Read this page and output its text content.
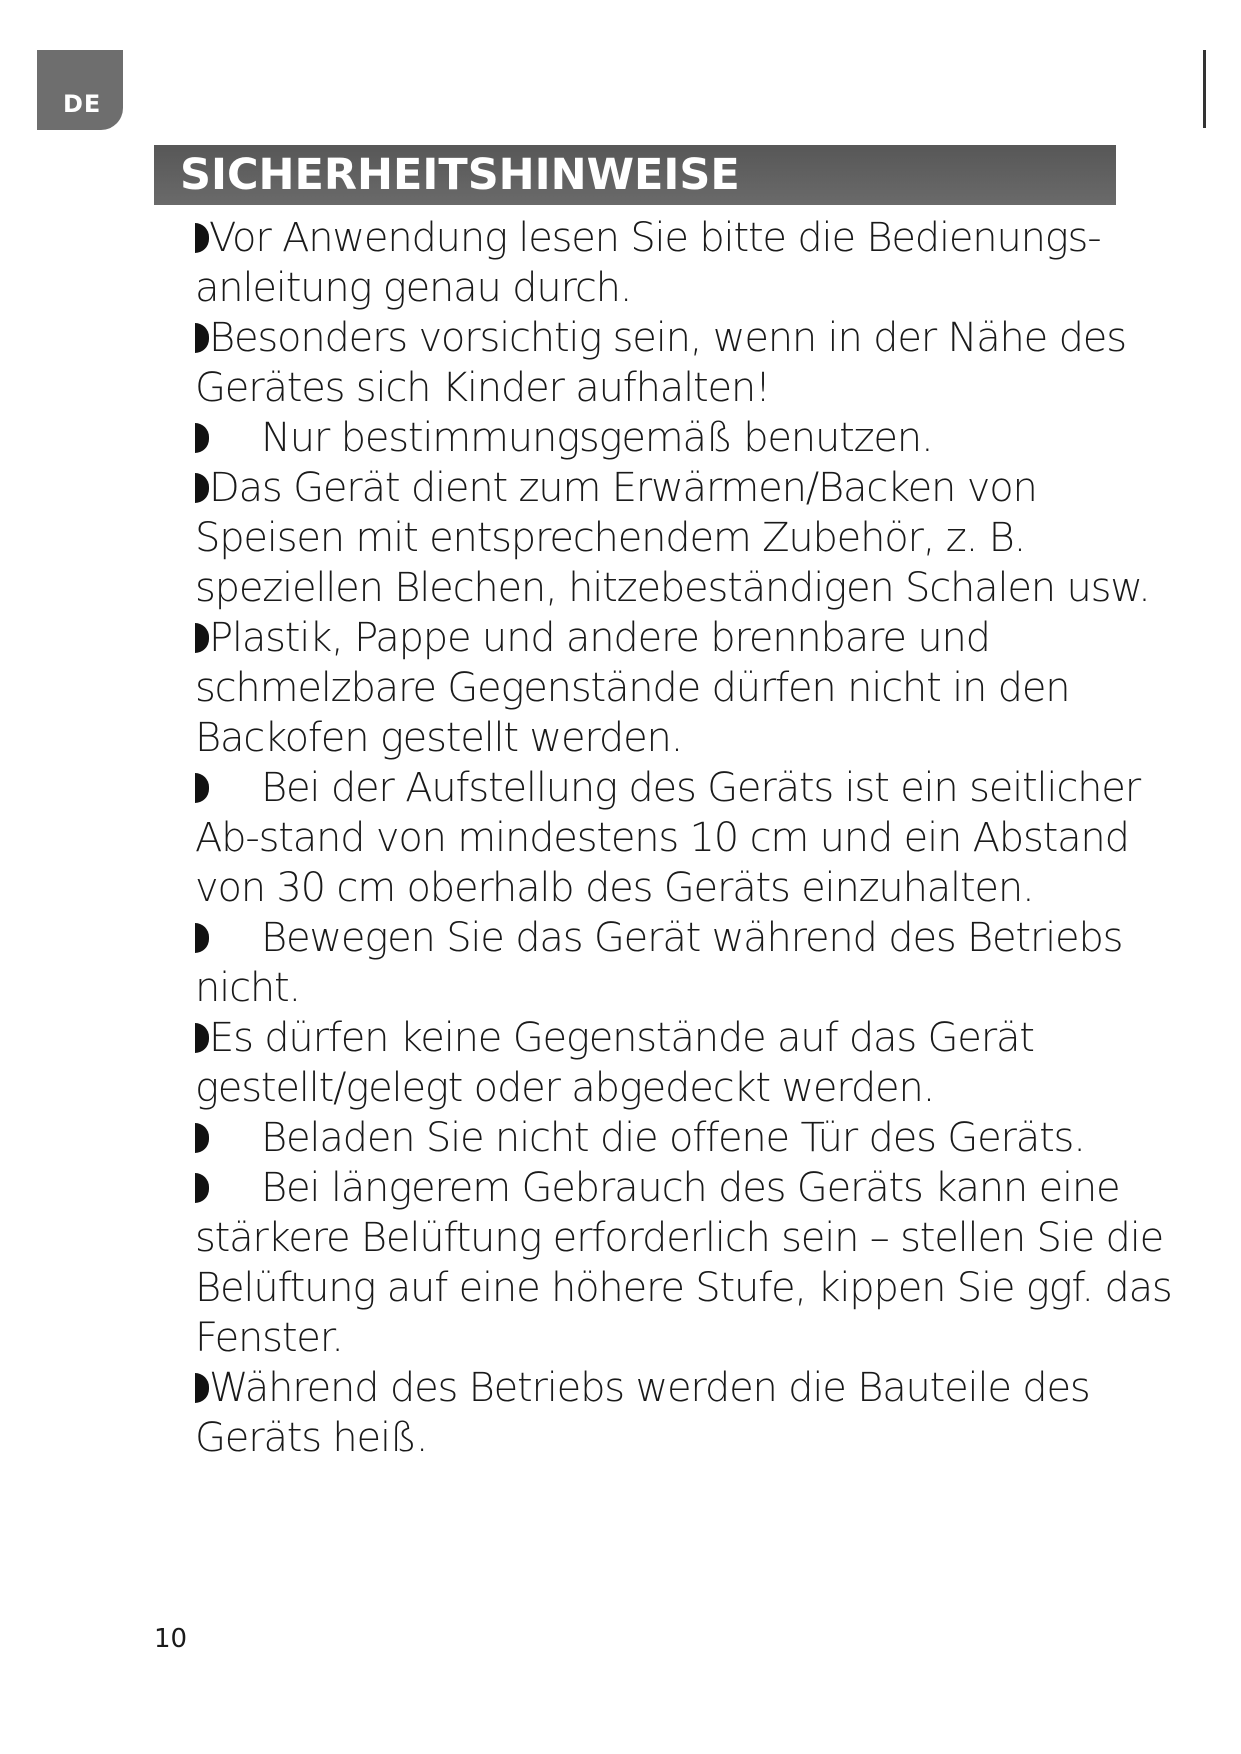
DE
SICHERHEITSHINWEISE

Vor Anwendung lesen Sie bitte die Bedienungs-anleitung genau durch.

Besonders vorsichtig sein, wenn in der Nähe des Gerätes sich Kinder aufhalten!

Nur bestimmungsgemäß benutzen.

Das Gerät dient zum Erwärmen/Backen von Speisen mit entsprechendem Zubehör, z. B. speziellen Blechen, hitzebeständigen Schalen usw.

Plastik, Pappe und andere brennbare und schmelzbare Gegenstände dürfen nicht in den Backofen gestellt werden.

Bei der Aufstellung des Geräts ist ein seitlicher Ab-stand von mindestens 10 cm und ein Abstand von 30 cm oberhalb des Geräts einzuhalten.

Bewegen Sie das Gerät während des Betriebs nicht.

Es dürfen keine Gegenstände auf das Gerät gestellt/gelegt oder abgedeckt werden.

Beladen Sie nicht die offene Tür des Geräts.

Bei längerem Gebrauch des Geräts kann eine stärkere Belüftung erforderlich sein – stellen Sie die Belüftung auf eine höhere Stufe, kippen Sie ggf. das Fenster.

Während des Betriebs werden die Bauteile des Geräts heiß.

10
